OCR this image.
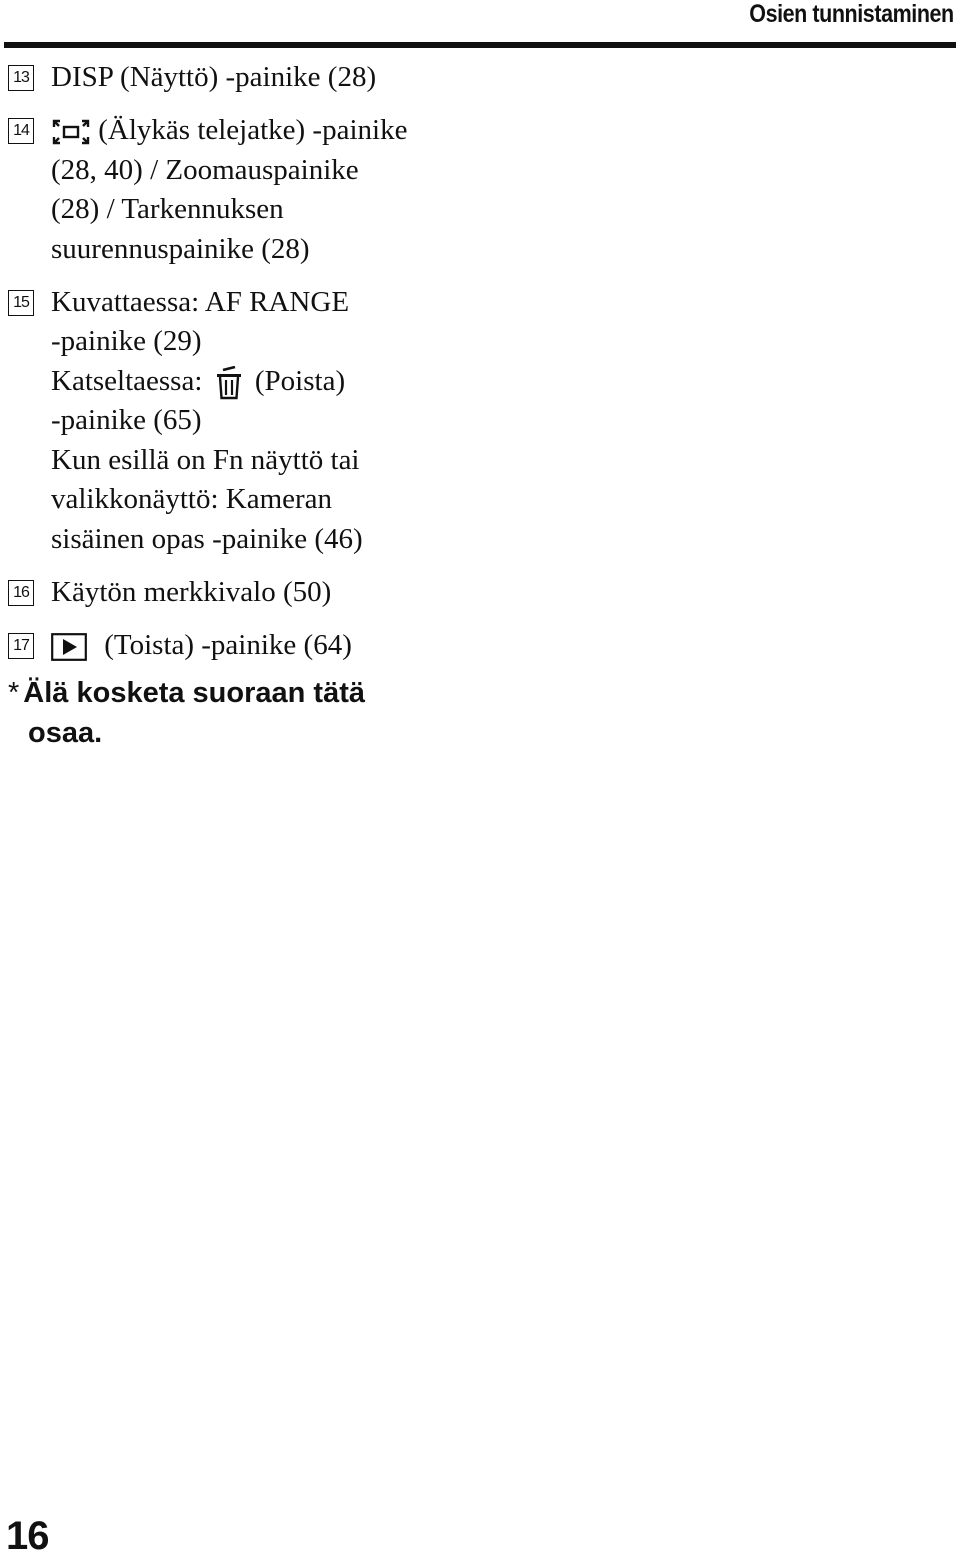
Osien tunnistaminen
13 DISP (Näyttö) -painike (28)

14	(Älykäs telejatke) -painike

(28, 40) / Zoomauspainike

(28) / Tarkennuksen

suurennuspainike (28)

15 Kuvattaessa: AF RANGE

-painike (29)

Katseltaessa: (Poista)

-painike (65)

Kun esillä on Fn näyttö tai

valikkonäyttö: Kameran

sisäinen opas -painike (46)

16 Käytön merkkivalo (50)

17	(Toista) -painike (64)

* Älä kosketa suoraan tätä
osaa.
16
